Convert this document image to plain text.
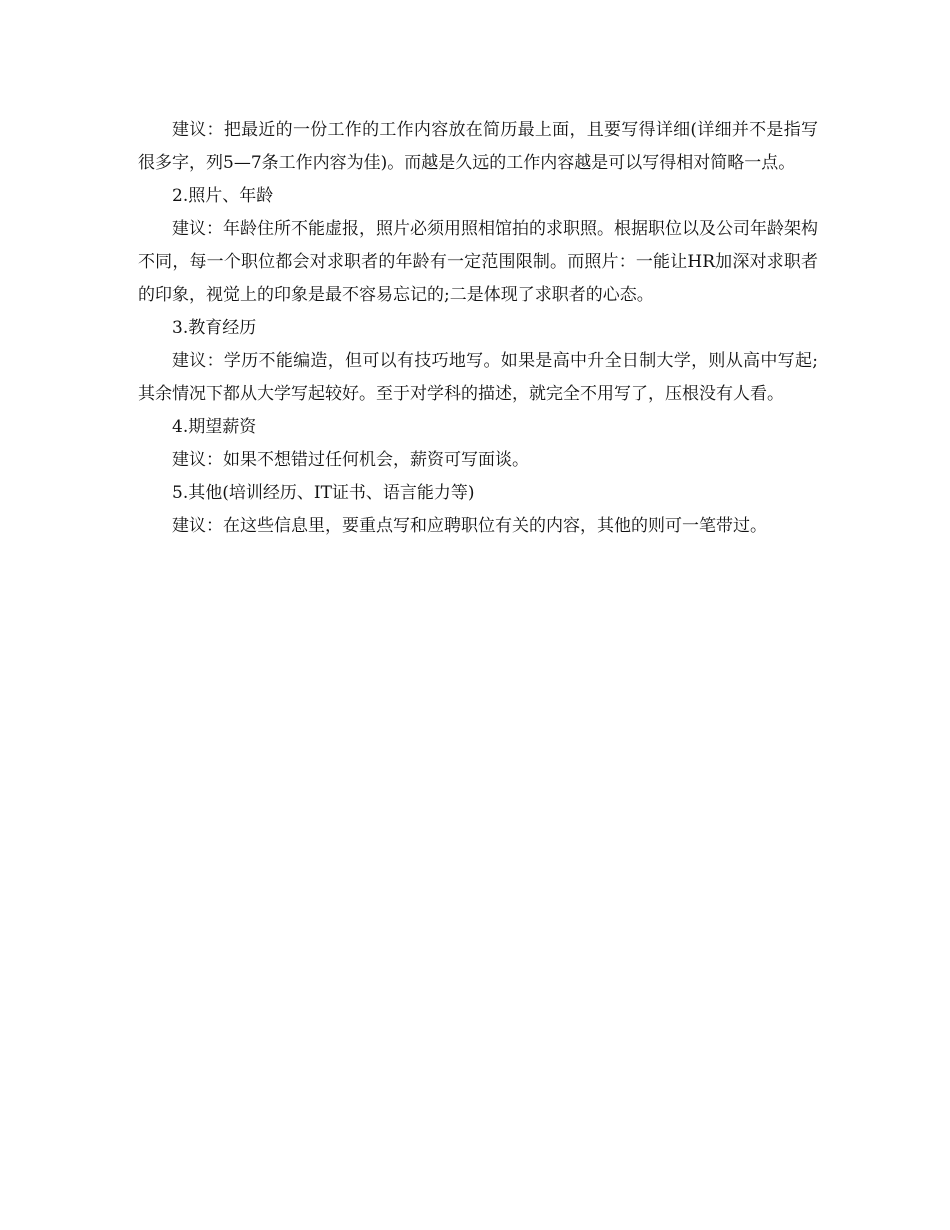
建议：把最近的一份工作的工作内容放在简历最上面，且要写得详细(详细并不是指写很多字，列5—7条工作内容为佳)。而越是久远的工作内容越是可以写得相对简略一点。

2.照片、年龄

建议：年龄住所不能虚报，照片必须用照相馆拍的求职照。根据职位以及公司年龄架构不同，每一个职位都会对求职者的年龄有一定范围限制。而照片：一能让HR加深对求职者的印象，视觉上的印象是最不容易忘记的;二是体现了求职者的心态。

3.教育经历

建议：学历不能编造，但可以有技巧地写。如果是高中升全日制大学，则从高中写起;其余情况下都从大学写起较好。至于对学科的描述，就完全不用写了，压根没有人看。

4.期望薪资

建议：如果不想错过任何机会，薪资可写面谈。

5.其他(培训经历、IT证书、语言能力等)

建议：在这些信息里，要重点写和应聘职位有关的内容，其他的则可一笔带过。
